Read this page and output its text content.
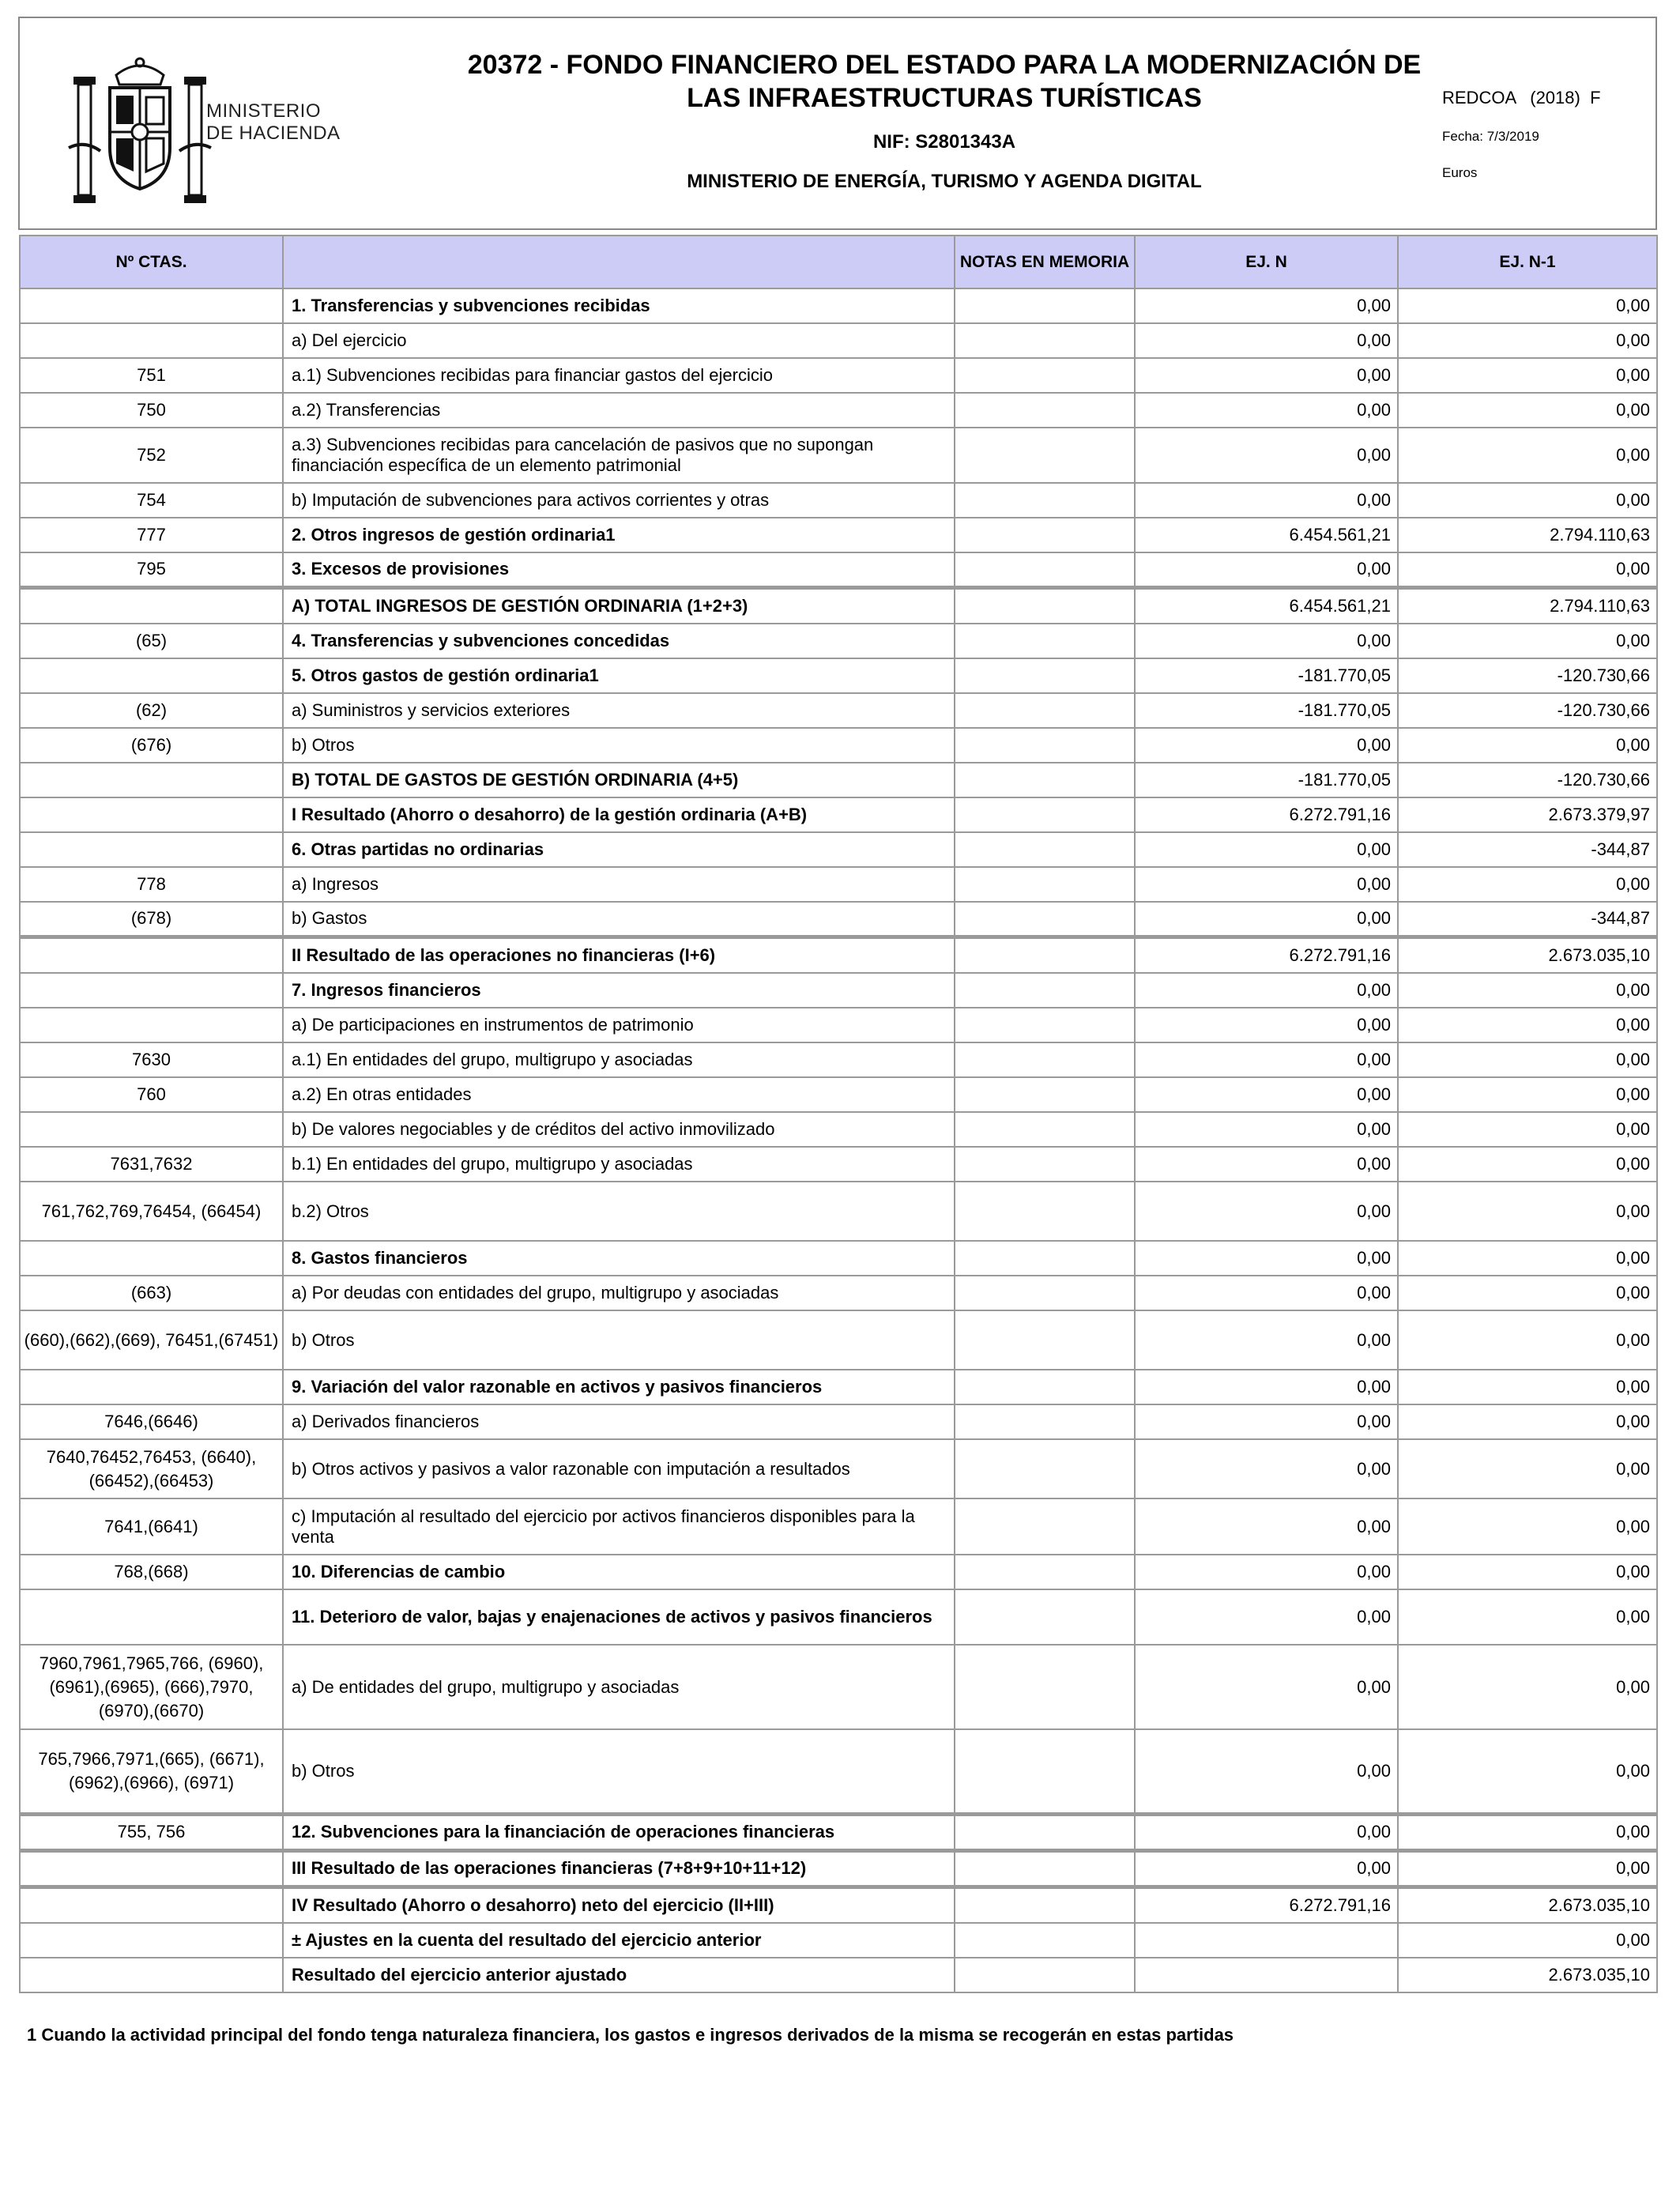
MINISTERIO
DE HACIENDA
20372 - FONDO FINANCIERO DEL ESTADO PARA LA MODERNIZACIÓN DE
LAS INFRAESTRUCTURAS TURÍSTICAS
NIF: S2801343A
MINISTERIO DE ENERGÍA, TURISMO Y AGENDA DIGITAL
REDCOA   (2018)  F
Fecha: 7/3/2019
Euros
Nº CTAS.		NOTAS EN MEMORIA	EJ. N	EJ. N-1
	1. Transferencias y subvenciones recibidas		0,00	0,00
	a) Del ejercicio		0,00	0,00
751	a.1) Subvenciones recibidas para financiar gastos del ejercicio		0,00	0,00
750	a.2) Transferencias		0,00	0,00
752	a.3) Subvenciones recibidas para cancelación de pasivos que no supongan financiación específica de un elemento patrimonial		0,00	0,00
754	b) Imputación de subvenciones para activos corrientes y otras		0,00	0,00
777	2. Otros ingresos de gestión ordinaria1		6.454.561,21	2.794.110,63
795	3. Excesos de provisiones		0,00	0,00
	A) TOTAL INGRESOS DE GESTIÓN ORDINARIA (1+2+3)		6.454.561,21	2.794.110,63
(65)	4. Transferencias y subvenciones concedidas		0,00	0,00
	5. Otros gastos de gestión ordinaria1		-181.770,05	-120.730,66
(62)	a) Suministros y servicios exteriores		-181.770,05	-120.730,66
(676)	b) Otros		0,00	0,00
	B) TOTAL DE GASTOS DE GESTIÓN ORDINARIA (4+5)		-181.770,05	-120.730,66
	I Resultado (Ahorro o desahorro) de la gestión ordinaria (A+B)		6.272.791,16	2.673.379,97
	6. Otras partidas no ordinarias		0,00	-344,87
778	a) Ingresos		0,00	0,00
(678)	b) Gastos		0,00	-344,87
	II Resultado de las operaciones no financieras (I+6)		6.272.791,16	2.673.035,10
	7. Ingresos financieros		0,00	0,00
	a) De participaciones en instrumentos de patrimonio		0,00	0,00
7630	a.1) En entidades del grupo, multigrupo y asociadas		0,00	0,00
760	a.2) En otras entidades		0,00	0,00
	b) De valores negociables y de créditos del activo inmovilizado		0,00	0,00
7631,7632	b.1) En entidades del grupo, multigrupo y asociadas		0,00	0,00
761,762,769,76454, (66454)	b.2) Otros		0,00	0,00
	8. Gastos financieros		0,00	0,00
(663)	a) Por deudas con entidades del grupo, multigrupo y asociadas		0,00	0,00
(660),(662),(669), 76451,(67451)	b) Otros		0,00	0,00
	9. Variación del valor razonable en activos y pasivos financieros		0,00	0,00
7646,(6646)	a) Derivados financieros		0,00	0,00
7640,76452,76453, (6640),(66452),(66453)	b) Otros activos y pasivos a valor razonable con imputación a resultados		0,00	0,00
7641,(6641)	c) Imputación al resultado del ejercicio por activos financieros disponibles para la venta		0,00	0,00
768,(668)	10. Diferencias de cambio		0,00	0,00
	11. Deterioro de valor, bajas y enajenaciones de activos y pasivos financieros		0,00	0,00
7960,7961,7965,766, (6960),(6961),(6965), (666),7970,(6970),(6670)	a) De entidades del grupo, multigrupo y asociadas		0,00	0,00
765,7966,7971,(665), (6671),(6962),(6966), (6971)	b) Otros		0,00	0,00
755, 756	12. Subvenciones para la financiación de operaciones financieras		0,00	0,00
	III Resultado de las operaciones financieras (7+8+9+10+11+12)		0,00	0,00
	IV Resultado (Ahorro o desahorro) neto del ejercicio (II+III)		6.272.791,16	2.673.035,10
	± Ajustes en la cuenta del resultado del ejercicio anterior			0,00
	Resultado del ejercicio anterior ajustado			2.673.035,10
1 Cuando la actividad principal del fondo tenga naturaleza financiera, los gastos e ingresos derivados de la misma se recogerán en estas partidas
